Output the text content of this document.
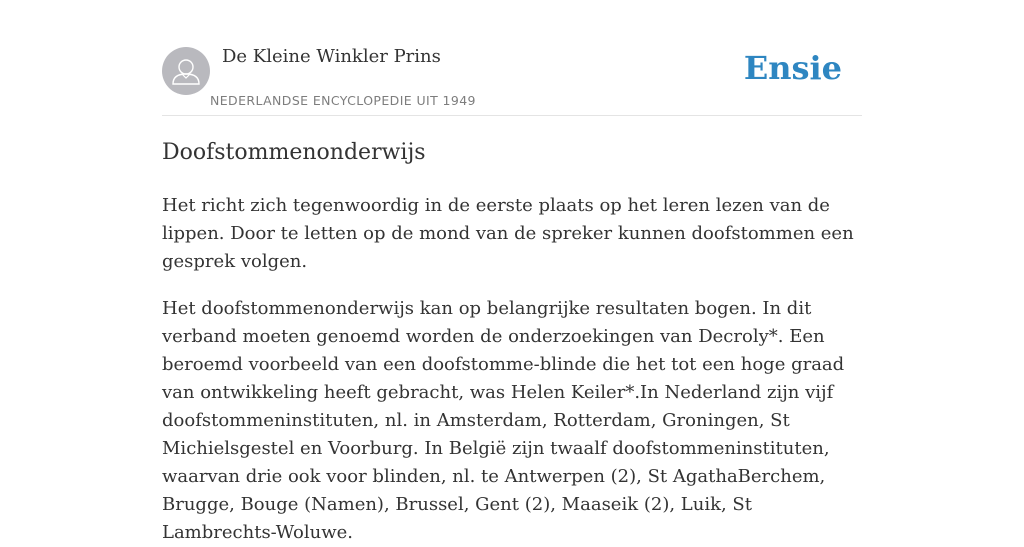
De Kleine Winkler Prins
NEDERLANDSE ENCYCLOPEDIE UIT 1949
Ensie
Doofstommenonderwijs

Het richt zich tegenwoordig in de eerste plaats op het leren lezen van de lippen. Door te letten op de mond van de spreker kunnen doofstommen een gesprek volgen.

Het doofstommenonderwijs kan op belangrijke resultaten bogen. In dit verband moeten genoemd worden de onderzoekingen van Decroly*. Een beroemd voorbeeld van een doofstomme-blinde die het tot een hoge graad van ontwikkeling heeft gebracht, was Helen Keiler*.In Nederland zijn vijf doofstommeninstituten, nl. in Amsterdam, Rotterdam, Groningen, St Michielsgestel en Voorburg. In België zijn twaalf doofstommeninstituten, waarvan drie ook voor blinden, nl. te Antwerpen (2), St AgathaBerchem, Brugge, Bouge (Namen), Brussel, Gent (2), Maaseik (2), Luik, St Lambrechts-Woluwe.
